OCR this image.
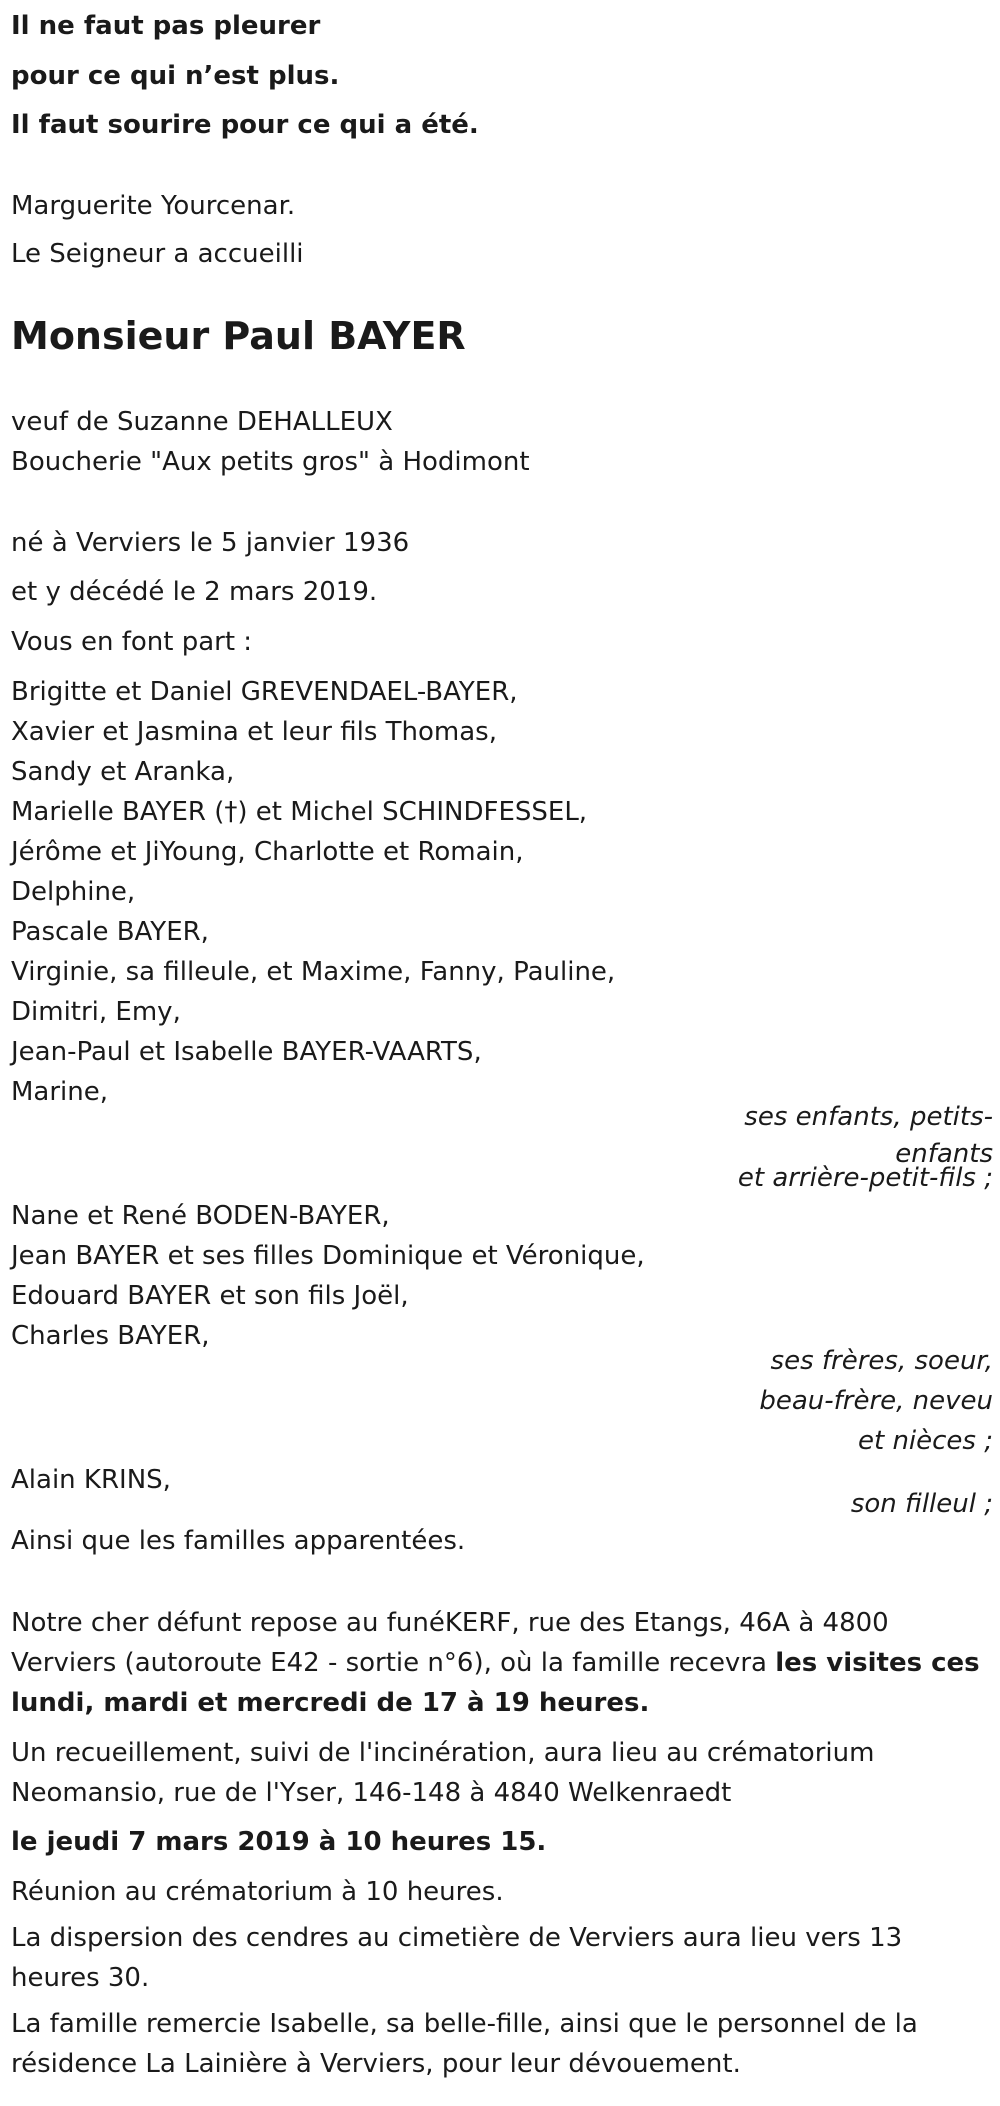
Il ne faut pas pleurer
pour ce qui n’est plus.
Il faut sourire pour ce qui a été.
Marguerite Yourcenar.
Le Seigneur a accueilli
Monsieur Paul BAYER
veuf de Suzanne DEHALLEUX
Boucherie "Aux petits gros" à Hodimont
né à Verviers le 5 janvier 1936
et y décédé le 2 mars 2019.
Vous en font part :
Brigitte et Daniel GREVENDAEL-BAYER,
Xavier et Jasmina et leur fils Thomas,
Sandy et Aranka,
Marielle BAYER (†) et Michel SCHINDFESSEL,
Jérôme et JiYoung, Charlotte et Romain,
Delphine,
Pascale BAYER,
Virginie, sa filleule, et Maxime, Fanny, Pauline,
Dimitri, Emy,
Jean-Paul et Isabelle BAYER-VAARTS,
Marine,
ses enfants, petits-
enfants
et arrière-petit-fils ;
Nane et René BODEN-BAYER,
Jean BAYER et ses filles Dominique et Véronique,
Edouard BAYER et son fils Joël,
Charles BAYER,
ses frères, soeur,
beau-frère, neveu
et nièces ;
Alain KRINS,
son filleul ;
Ainsi que les familles apparentées.
Notre cher défunt repose au funéKERF, rue des Etangs, 46A à 4800 Verviers (autoroute E42 - sortie n°6), où la famille recevra les visites ces lundi, mardi et mercredi de 17 à 19 heures.
Un recueillement, suivi de l'incinération, aura lieu au crématorium Neomansio, rue de l'Yser, 146-148 à 4840 Welkenraedt
le jeudi 7 mars 2019 à 10 heures 15.
Réunion au crématorium à 10 heures.
La dispersion des cendres au cimetière de Verviers aura lieu vers 13 heures 30.
La famille remercie Isabelle, sa belle-fille, ainsi que le personnel de la résidence La Lainière à Verviers, pour leur dévouement.
